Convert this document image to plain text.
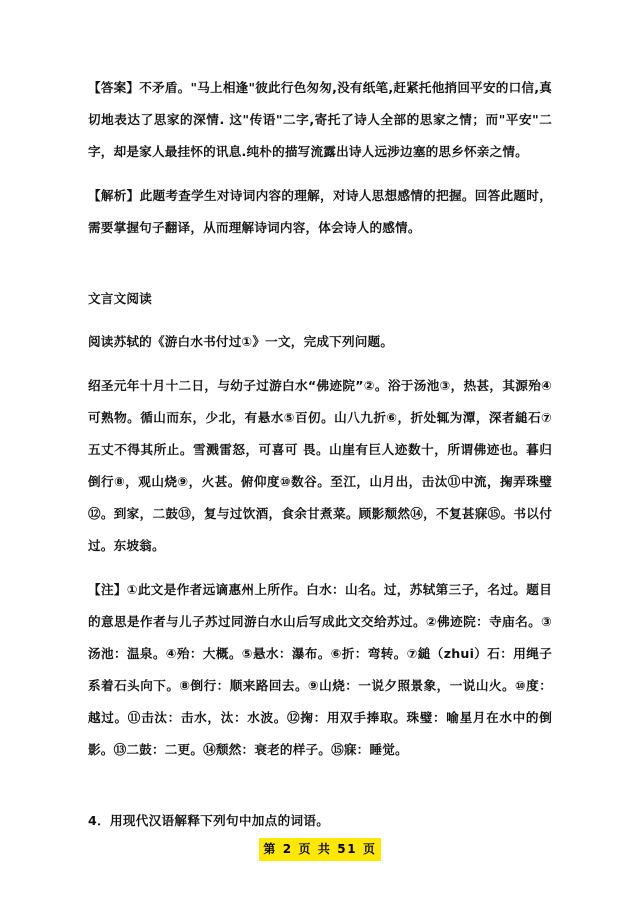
【答案】不矛盾。"马上相逢"彼此行色匆匆,没有纸笔,赶紧托他捎回平安的口信,真切地表达了思家的深情. 这"传语"二字,寄托了诗人全部的思家之情；而"平安"二字，却是家人最挂怀的讯息.纯朴的描写流露出诗人远涉边塞的思乡怀亲之情。

【解析】此题考查学生对诗词内容的理解，对诗人思想感情的把握。回答此题时，需要掌握句子翻译，从而理解诗词内容，体会诗人的感情。

文言文阅读

阅读苏轼的《游白水书付过①》一文，完成下列问题。

绍圣元年十月十二日，与幼子过游白水“佛迹院”②。浴于汤池③，热甚，其源殆④可熟物。循山而东，少北，有悬水⑤百仞。山八九折⑥，折处辄为潭，深者縋石⑦五丈不得其所止。雪溅雷怒，可喜可 畏。山崖有巨人迹数十，所谓佛迹也。暮归倒行⑧，观山烧⑨，火甚。俯仰度⑩数谷。至江，山月出，击汰⑪中流，掬弄珠璧⑫。到家，二鼓⑬，复与过饮酒，食余甘煮菜。顾影颓然⑭，不复甚寐⑮。书以付过。东坡翁。

【注】①此文是作者远谪惠州上所作。白水：山名。过，苏轼第三子，名过。题目的意思是作者与儿子苏过同游白水山后写成此文交给苏过。②佛迹院：寺庙名。③汤池：温泉。④殆：大概。⑤悬水：瀑布。⑥折：弯转。⑦縋（zhui）石：用绳子系着石头向下。⑧倒行：顺来路回去。⑨山烧：一说夕照景象，一说山火。⑩度：越过。⑪击汰：击水，汰：水波。⑫掬：用双手捧取。珠璧：喻星月在水中的倒影。⑬二鼓：二更。⑭颓然：衰老的样子。⑮寐：睡觉。

4．用现代汉语解释下列句中加点的词语。

第 2 页 共 51 页
